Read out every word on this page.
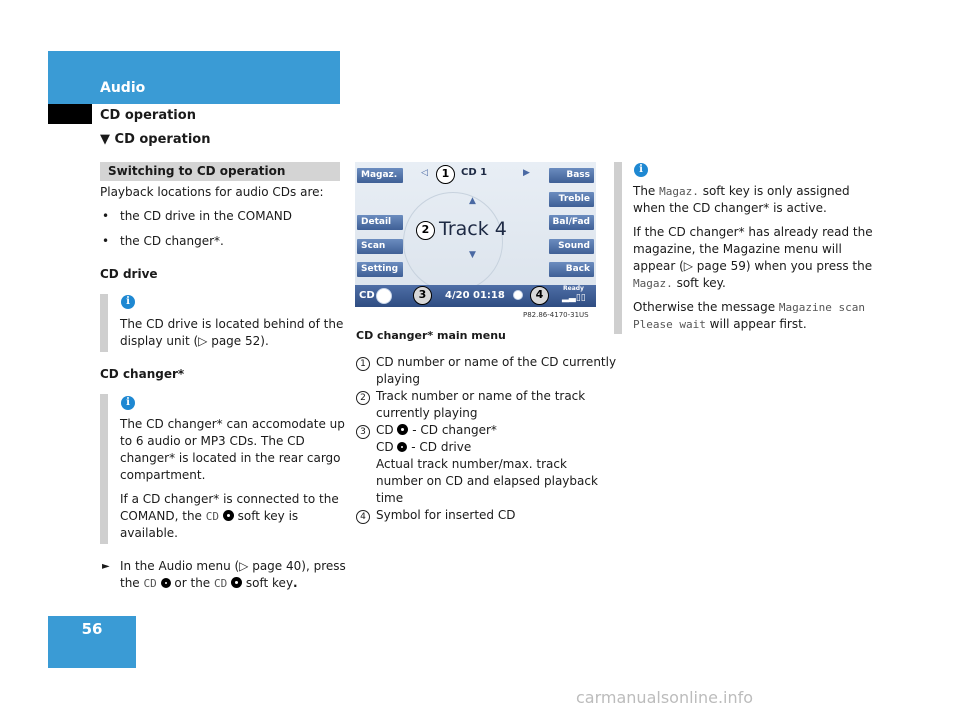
Audio
CD operation
▼ CD operation
Switching to CD operation
Playback locations for audio CDs are:
• the CD drive in the COMAND
• the CD changer*.
CD drive
i
The CD drive is located behind of the
display unit (▷ page 52).
CD changer*
i
The CD changer* can accomodate up
to 6 audio or MP3 CDs. The CD
changer* is located in the rear cargo
compartment.
If a CD changer* is connected to the
COMAND, the CD  soft key is
available.
► In the Audio menu (▷ page 40), press
the CD  or the CD  soft key.
Magaz.
Detail
Scan
Setting
Bass
Treble
Bal/Fad
Sound
Back
◁	▶
▲
▼
1	CD 1
2 Track 4
CD	3	4/20 01:18	4	Ready
▂▃▯▯
P82.86-4170-31US
CD changer* main menu
1 CD number or name of the CD currently
playing
2 Track number or name of the track
currently playing
3 CD  - CD changer*
CD  - CD drive
Actual track number/max. track
number on CD and elapsed playback
time
4 Symbol for inserted CD
i
The Magaz. soft key is only assigned
when the CD changer* is active.
If the CD changer* has already read the
magazine, the Magazine menu will
appear (▷ page 59) when you press the
Magaz. soft key.
Otherwise the message Magazine scan
Please wait will appear first.
56
carmanualsonline.info
